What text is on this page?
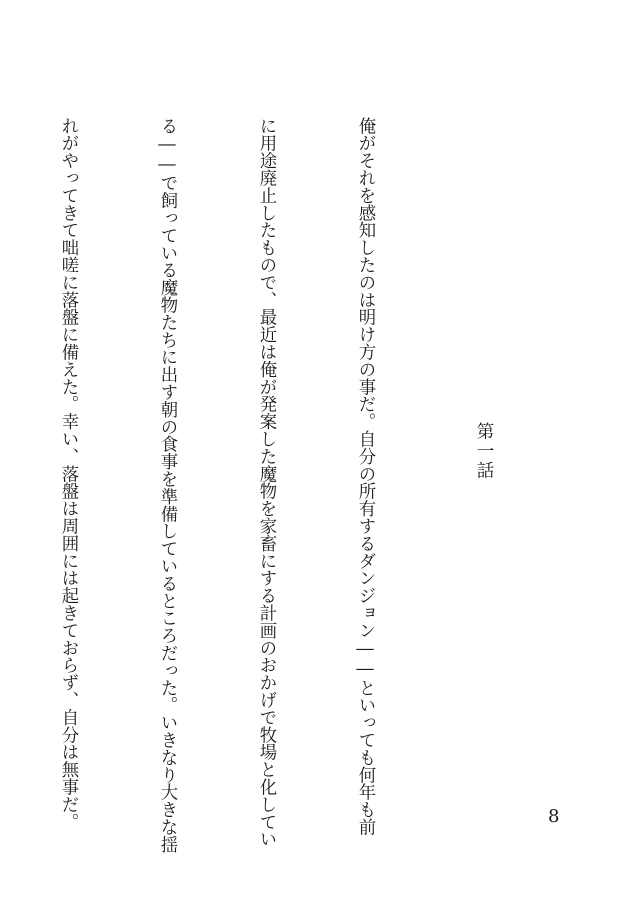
第一話

俺がそれを感知したのは明け方の事だ。自分の所有するダンジョン――といっても何年も前

に用途廃止したもので、最近は俺が発案した魔物を家畜にする計画のおかげで牧場と化してい

る――で飼っている魔物たちに出す朝の食事を準備しているところだった。いきなり大きな揺

れがやってきて咄嗟に落盤に備えた。幸い、落盤は周囲には起きておらず、自分は無事だ。

	8
